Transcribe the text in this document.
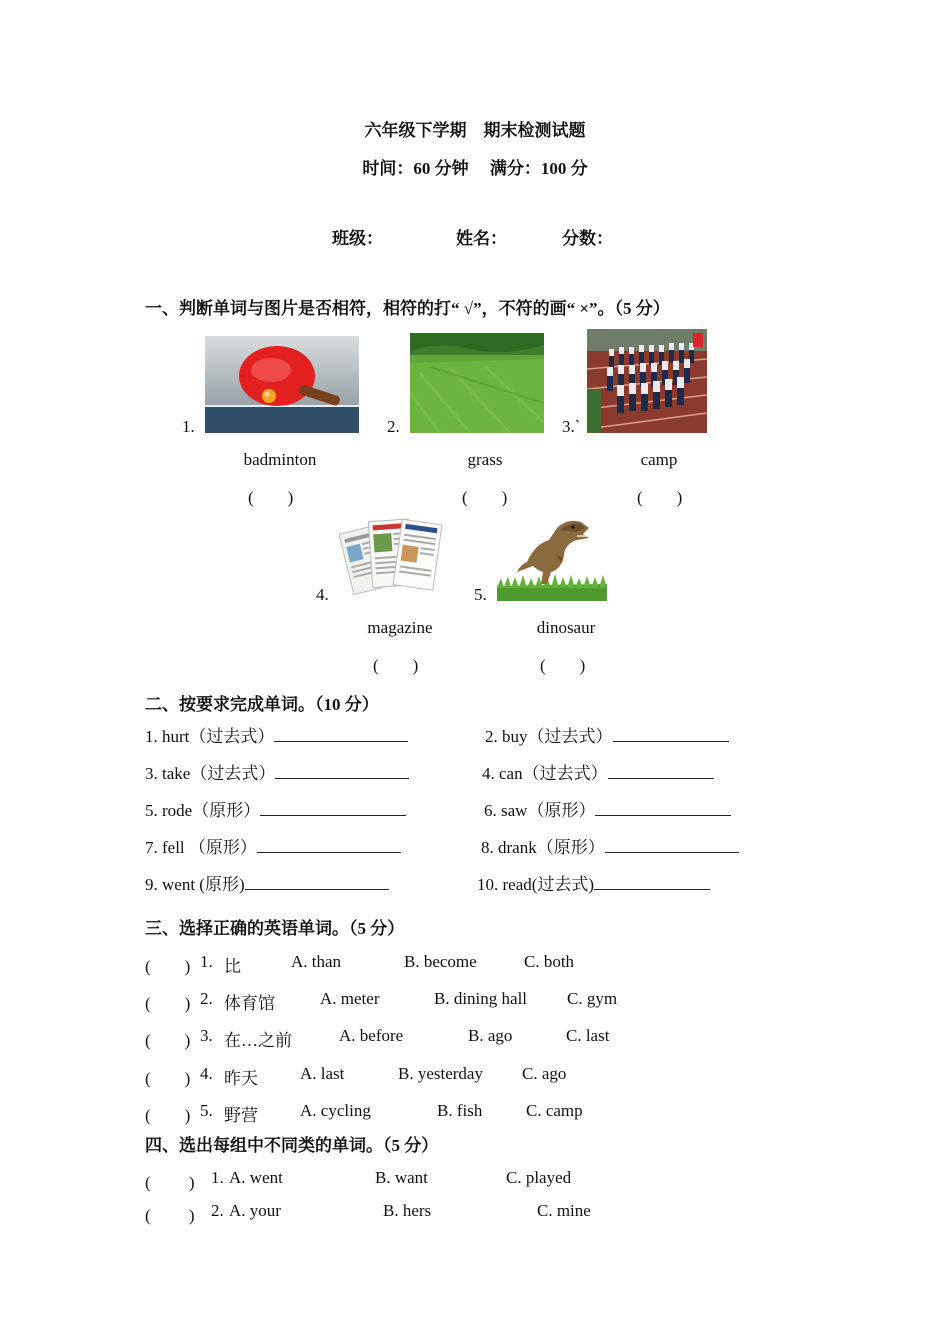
六年级下学期　期末检测试题
时间：60 分钟　 满分：100 分
班级：	姓名：	分数：
一、判断单词与图片是否相符，相符的打“ √”，不符的画“ ×”。（5 分）
1.
badminton
(　　)
2.
grass
(　　)
3.`
camp
(　　)
4.
magazine
(　　)
5.
dinosaur
(　　)
二、按要求完成单词。（10 分）
1. hurt（过去式）	2. buy（过去式）
3. take（过去式）	4. can（过去式）
5. rode（原形）	6. saw（原形）
7. fell （原形）	8. drank（原形）
9. went (原形)	10. read(过去式)
三、选择正确的英语单词。（5 分）
(　　) 1. 比	A. than	B. become	C. both
(　　) 2. 体育馆	A. meter	B. dining hall C. gym
(　　) 3. 在…之前	A. before	B. ago	C. last
(　　) 4. 昨天 A. last	B. yesterday C. ago
(　　) 5. 野营 A. cycling	B. fish	C. camp
四、选出每组中不同类的单词。（5 分）
(　　 ) 1. A. went	B. want	C. played
(　　 ) 2. A. your	B. hers	C. mine
